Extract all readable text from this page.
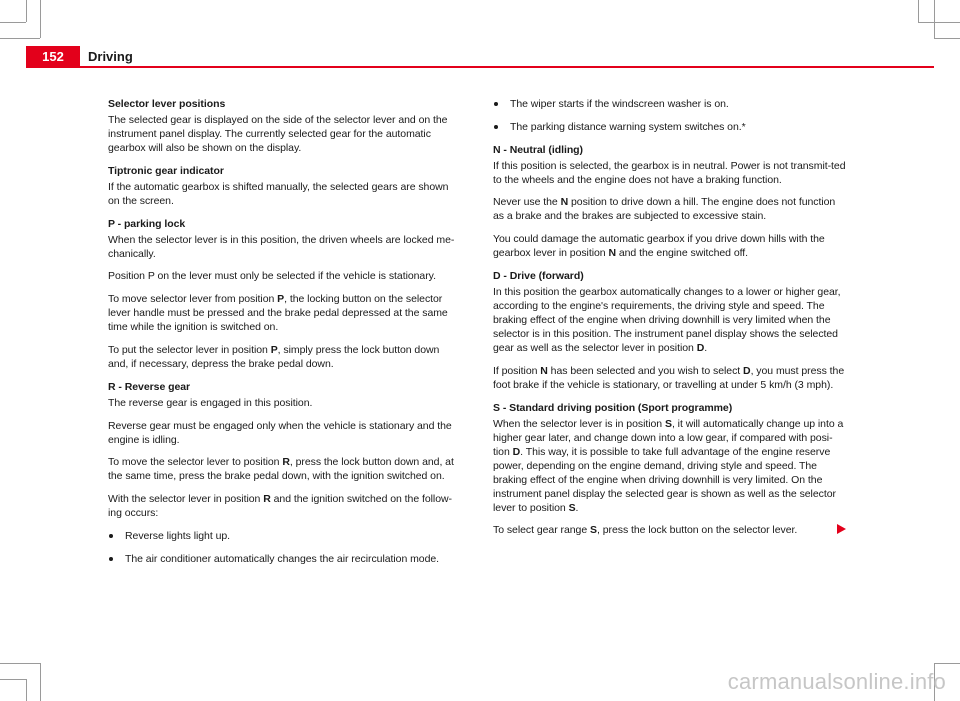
152	Driving

Selector lever positions

The selected gear is displayed on the side of the selector lever and on the instrument panel display. The currently selected gear for the automatic gearbox will also be shown on the display.

Tiptronic gear indicator

If the automatic gearbox is shifted manually, the selected gears are shown on the screen.

P - parking lock

When the selector lever is in this position, the driven wheels are locked me-chanically.

Position P on the lever must only be selected if the vehicle is stationary.

To move selector lever from position P, the locking button on the selector lever handle must be pressed and the brake pedal depressed at the same time while the ignition is switched on.

To put the selector lever in position P, simply press the lock button down and, if necessary, depress the brake pedal down.

R - Reverse gear

The reverse gear is engaged in this position.

Reverse gear must be engaged only when the vehicle is stationary and the engine is idling.

To move the selector lever to position R, press the lock button down and, at the same time, press the brake pedal down, with the ignition switched on.

With the selector lever in position R and the ignition switched on the follow-ing occurs:

Reverse lights light up.
The air conditioner automatically changes the air recirculation mode.
The wiper starts if the windscreen washer is on.
The parking distance warning system switches on.*

N - Neutral (idling)

If this position is selected, the gearbox is in neutral. Power is not transmit-ted to the wheels and the engine does not have a braking function.

Never use the N position to drive down a hill. The engine does not function as a brake and the brakes are subjected to excessive stain.

You could damage the automatic gearbox if you drive down hills with the gearbox lever in position N and the engine switched off.

D - Drive (forward)

In this position the gearbox automatically changes to a lower or higher gear, according to the engine's requirements, the driving style and speed. The braking effect of the engine when driving downhill is very limited when the selector is in this position. The instrument panel display shows the selected gear as well as the selector lever in position D.

If position N has been selected and you wish to select D, you must press the foot brake if the vehicle is stationary, or travelling at under 5 km/h (3 mph).

S - Standard driving position (Sport programme)

When the selector lever is in position S, it will automatically change up into a higher gear later, and change down into a low gear, if compared with posi-tion D. This way, it is possible to take full advantage of the engine reserve power, depending on the engine demand, driving style and speed. The braking effect of the engine when driving downhill is very limited. On the instrument panel display the selected gear is shown as well as the selector lever to position S.

To select gear range S, press the lock button on the selector lever.

carmanualsonline.info
